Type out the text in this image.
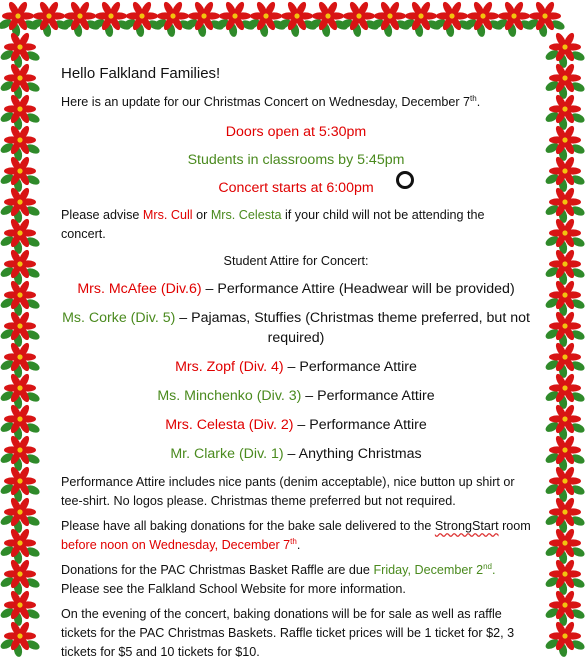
Hello Falkland Families!

Here is an update for our Christmas Concert on Wednesday, December 7th.

Doors open at 5:30pm
Students in classrooms by 5:45pm
Concert starts at 6:00pm

Please advise Mrs. Cull or Mrs. Celesta if your child will not be attending the concert.

Student Attire for Concert:
Mrs. McAfee (Div.6) – Performance Attire (Headwear will be provided)
Ms. Corke (Div. 5) – Pajamas, Stuffies (Christmas theme preferred, but not required)
Mrs. Zopf (Div. 4) – Performance Attire
Ms. Minchenko (Div. 3) – Performance Attire
Mrs. Celesta (Div. 2) – Performance Attire
Mr. Clarke (Div. 1) – Anything Christmas

Performance Attire includes nice pants (denim acceptable), nice button up shirt or tee-shirt. No logos please. Christmas theme preferred but not required.

Please have all baking donations for the bake sale delivered to the StrongStart room before noon on Wednesday, December 7th.

Donations for the PAC Christmas Basket Raffle are due Friday, December 2nd.
Please see the Falkland School Website for more information.

On the evening of the concert, baking donations will be for sale as well as raffle tickets for the PAC Christmas Baskets. Raffle ticket prices will be 1 ticket for $2, 3 tickets for $5 and 10 tickets for $10.
